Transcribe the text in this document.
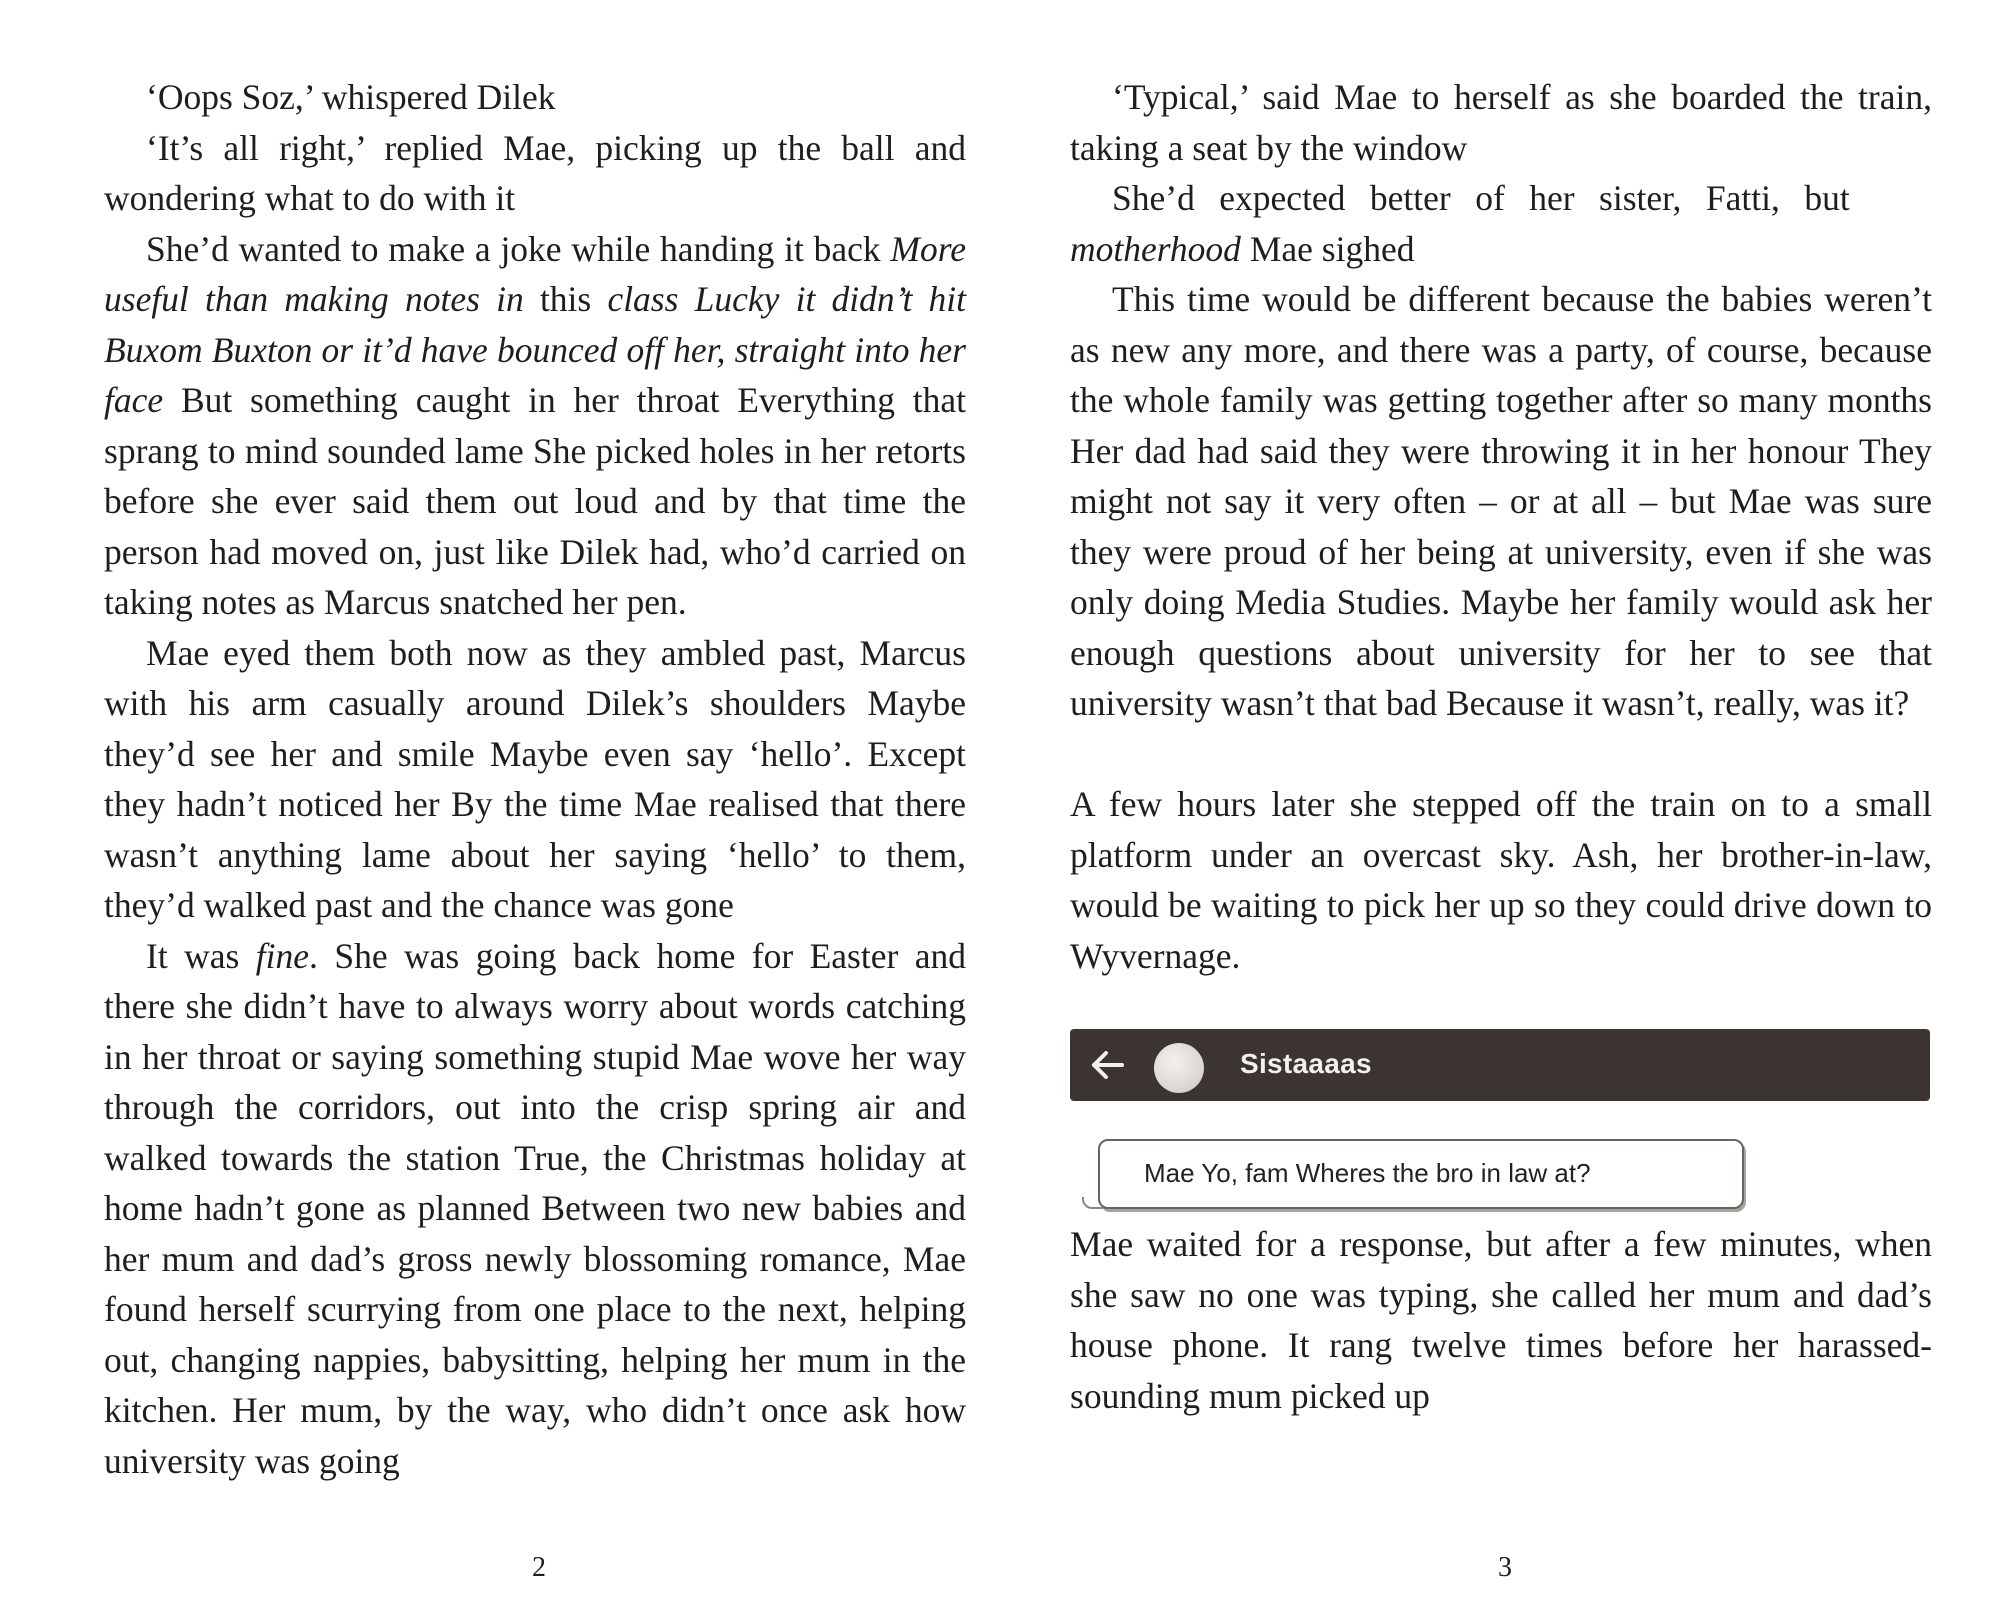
‘Oops Soz,’ whispered Dilek

‘It’s all right,’ replied Mae, picking up the ball and wondering what to do with it

She’d wanted to make a joke while handing it back More useful than making notes in this class Lucky it didn’t hit Buxom Buxton or it’d have bounced off her, straight into her face But something caught in her throat Everything that sprang to mind sounded lame She picked holes in her retorts before she ever said them out loud and by that time the person had moved on, just like Dilek had, who’d carried on taking notes as Marcus snatched her pen.

Mae eyed them both now as they ambled past, Marcus with his arm casually around Dilek’s shoulders Maybe they’d see her and smile Maybe even say ‘hello’. Except they hadn’t noticed her By the time Mae realised that there wasn’t anything lame about her saying ‘hello’ to them, they’d walked past and the chance was gone

It was fine. She was going back home for Easter and there she didn’t have to always worry about words catching in her throat or saying something stupid Mae wove her way through the corridors, out into the crisp spring air and walked towards the station True, the Christmas holiday at home hadn’t gone as planned Between two new babies and her mum and dad’s gross newly blossoming romance, Mae found herself scurrying from one place to the next, helping out, changing nappies, babysitting, helping her mum in the kitchen. Her mum, by the way, who didn’t once ask how university was going

2

‘Typical,’ said Mae to herself as she boarded the train, taking a seat by the window

She’d expected better of her sister, Fatti, but     motherhood Mae sighed

This time would be different because the babies weren’t as new any more, and there was a party, of course, because the whole family was getting together after so many months Her dad had said they were throwing it in her honour They might not say it very often – or at all – but Mae was sure they were proud of her being at university, even if she was only doing Media Studies. Maybe her family would ask her enough questions about university for her to see that university wasn’t that bad Because it wasn’t, really, was it?

A few hours later she stepped off the train on to a small platform under an overcast sky. Ash, her brother-in-law, would be waiting to pick her up so they could drive down to Wyvernage.

Sistaaaas
Mae Yo, fam Wheres the bro in law at?

Mae waited for a response, but after a few minutes, when she saw no one was typing, she called her mum and dad’s house phone. It rang twelve times before her harassed-sounding mum picked up

3
